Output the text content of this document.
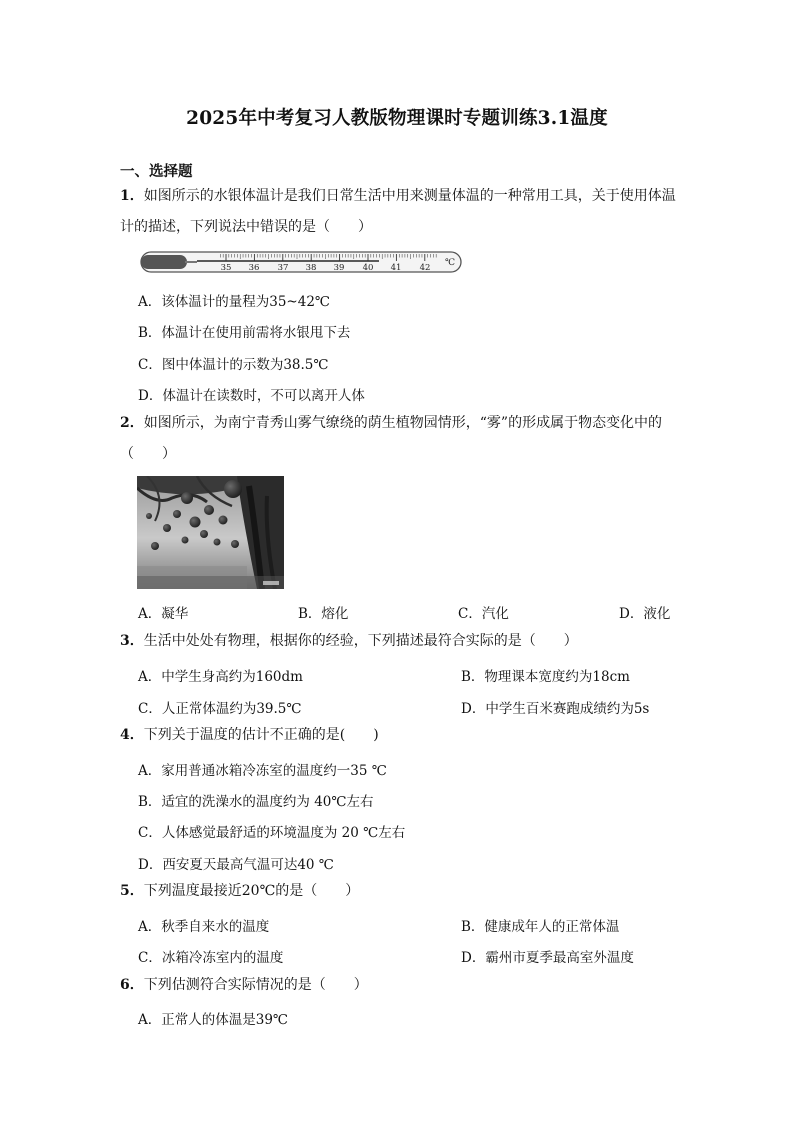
2025年中考复习人教版物理课时专题训练3.1温度
一、选择题
1．如图所示的水银体温计是我们日常生活中用来测量体温的一种常用工具，关于使用体温计的描述，下列说法中错误的是（　　）
35 36 37 38 39 40 41 42 ℃
A．该体温计的量程为35~42℃
B．体温计在使用前需将水银甩下去
C．图中体温计的示数为38.5℃
D．体温计在读数时，不可以离开人体
2．如图所示，为南宁青秀山雾气缭绕的荫生植物园情形，“雾”的形成属于物态变化中的（　　）
A．凝华	B．熔化	C．汽化	D．液化
3．生活中处处有物理，根据你的经验，下列描述最符合实际的是（　　）
A．中学生身高约为160dm	B．物理课本宽度约为18cm
C．人正常体温约为39.5℃	D．中学生百米赛跑成绩约为5s
4．下列关于温度的估计不正确的是(　　)
A．家用普通冰箱冷冻室的温度约一35 ℃
B．适宜的洗澡水的温度约为 40℃左右
C．人体感觉最舒适的环境温度为 20 ℃左右
D．西安夏天最高气温可达40 ℃
5．下列温度最接近20℃的是（　　）
A．秋季自来水的温度	B．健康成年人的正常体温
C．冰箱冷冻室内的温度	D．霸州市夏季最高室外温度
6．下列估测符合实际情况的是（　　）
A．正常人的体温是39℃
